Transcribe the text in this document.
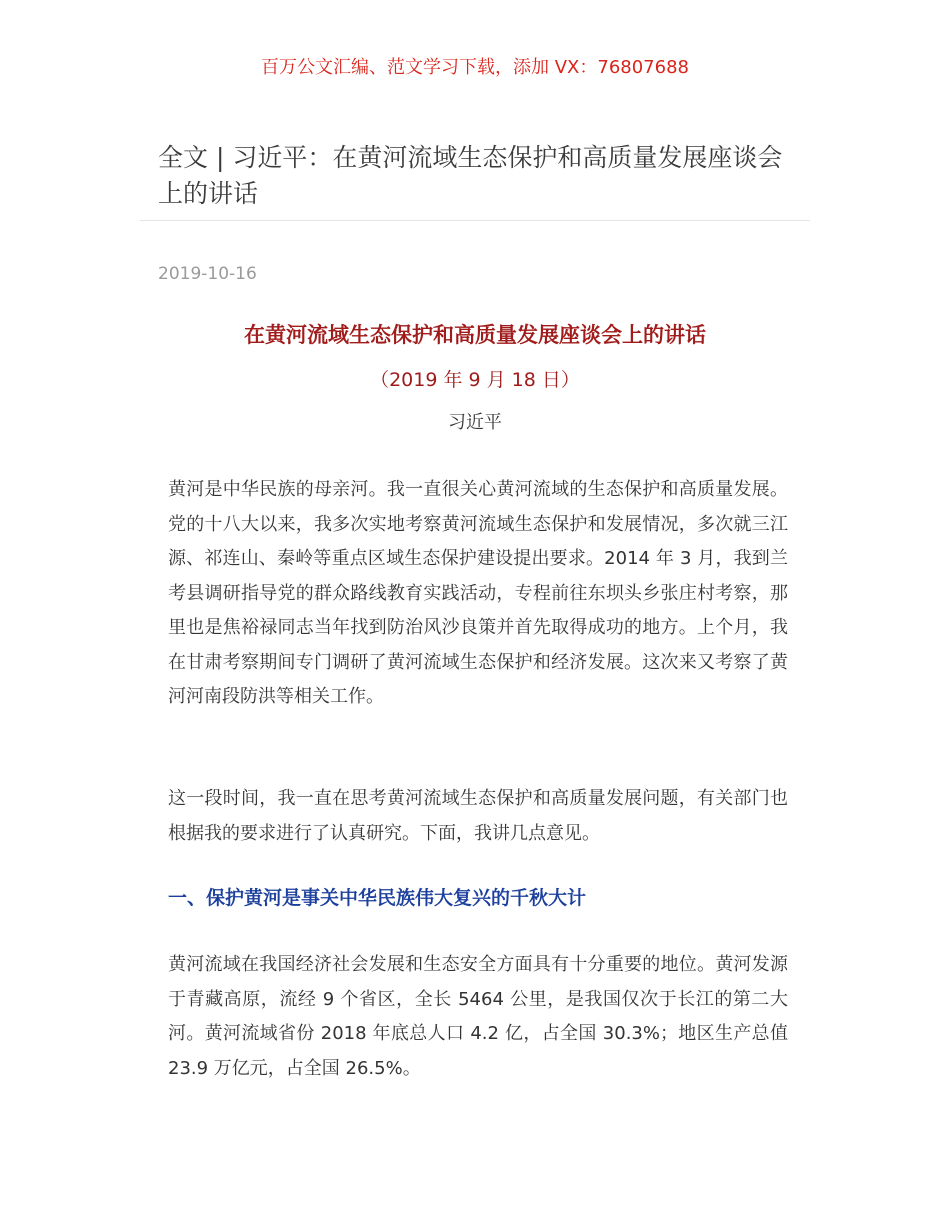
百万公文汇编、范文学习下载，添加 VX：76807688
全文 | 习近平：在黄河流域生态保护和高质量发展座谈会上的讲话
2019-10-16
在黄河流域生态保护和高质量发展座谈会上的讲话
（2019 年 9 月 18 日）
习近平

黄河是中华民族的母亲河。我一直很关心黄河流域的生态保护和高质量发展。党的十八大以来，我多次实地考察黄河流域生态保护和发展情况，多次就三江源、祁连山、秦岭等重点区域生态保护建设提出要求。2014 年 3 月，我到兰考县调研指导党的群众路线教育实践活动，专程前往东坝头乡张庄村考察，那里也是焦裕禄同志当年找到防治风沙良策并首先取得成功的地方。上个月，我在甘肃考察期间专门调研了黄河流域生态保护和经济发展。这次来又考察了黄河河南段防洪等相关工作。

这一段时间，我一直在思考黄河流域生态保护和高质量发展问题，有关部门也根据我的要求进行了认真研究。下面，我讲几点意见。

一、保护黄河是事关中华民族伟大复兴的千秋大计

黄河流域在我国经济社会发展和生态安全方面具有十分重要的地位。黄河发源于青藏高原，流经 9 个省区，全长 5464 公里，是我国仅次于长江的第二大河。黄河流域省份 2018 年底总人口 4.2 亿，占全国 30.3%；地区生产总值 23.9 万亿元，占全国 26.5%。
